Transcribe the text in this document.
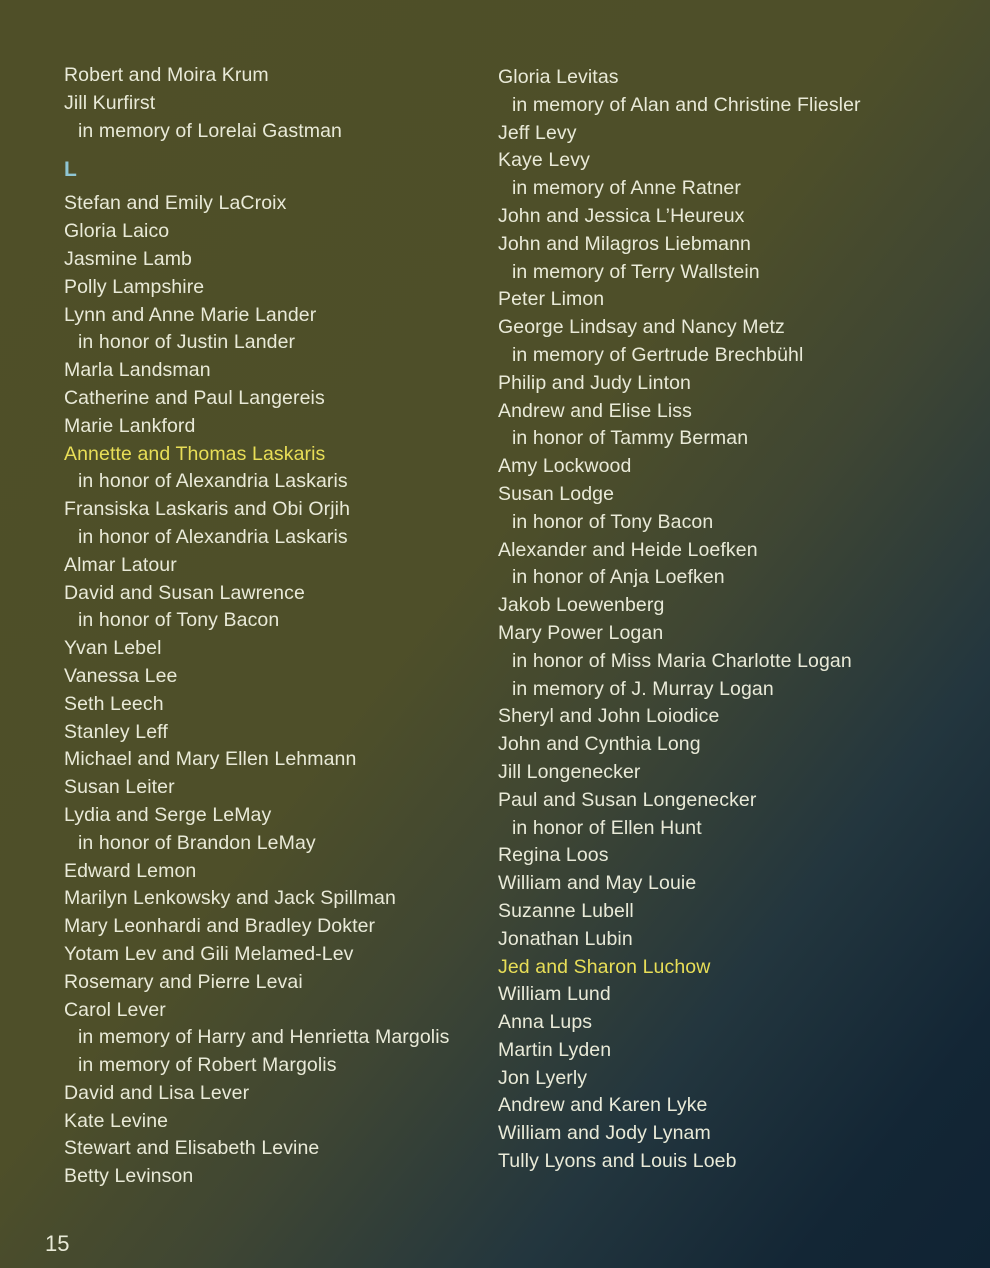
Robert and Moira Krum
Jill Kurfirst
in memory of Lorelai Gastman
L
Stefan and Emily LaCroix
Gloria Laico
Jasmine Lamb
Polly Lampshire
Lynn and Anne Marie Lander
in honor of Justin Lander
Marla Landsman
Catherine and Paul Langereis
Marie Lankford
Annette and Thomas Laskaris
in honor of Alexandria Laskaris
Fransiska Laskaris and Obi Orjih
in honor of Alexandria Laskaris
Almar Latour
David and Susan Lawrence
in honor of Tony Bacon
Yvan Lebel
Vanessa Lee
Seth Leech
Stanley Leff
Michael and Mary Ellen Lehmann
Susan Leiter
Lydia and Serge LeMay
in honor of Brandon LeMay
Edward Lemon
Marilyn Lenkowsky and Jack Spillman
Mary Leonhardi and Bradley Dokter
Yotam Lev and Gili Melamed-Lev
Rosemary and Pierre Levai
Carol Lever
in memory of Harry and Henrietta Margolis
in memory of Robert Margolis
David and Lisa Lever
Kate Levine
Stewart and Elisabeth Levine
Betty Levinson
Gloria Levitas
in memory of Alan and Christine Fliesler
Jeff Levy
Kaye Levy
in memory of Anne Ratner
John and Jessica L’Heureux
John and Milagros Liebmann
in memory of Terry Wallstein
Peter Limon
George Lindsay and Nancy Metz
in memory of Gertrude Brechbühl
Philip and Judy Linton
Andrew and Elise Liss
in honor of Tammy Berman
Amy Lockwood
Susan Lodge
in honor of Tony Bacon
Alexander and Heide Loefken
in honor of Anja Loefken
Jakob Loewenberg
Mary Power Logan
in honor of Miss Maria Charlotte Logan
in memory of J. Murray Logan
Sheryl and John Loiodice
John and Cynthia Long
Jill Longenecker
Paul and Susan Longenecker
in honor of Ellen Hunt
Regina Loos
William and May Louie
Suzanne Lubell
Jonathan Lubin
Jed and Sharon Luchow
William Lund
Anna Lups
Martin Lyden
Jon Lyerly
Andrew and Karen Lyke
William and Jody Lynam
Tully Lyons and Louis Loeb
15
